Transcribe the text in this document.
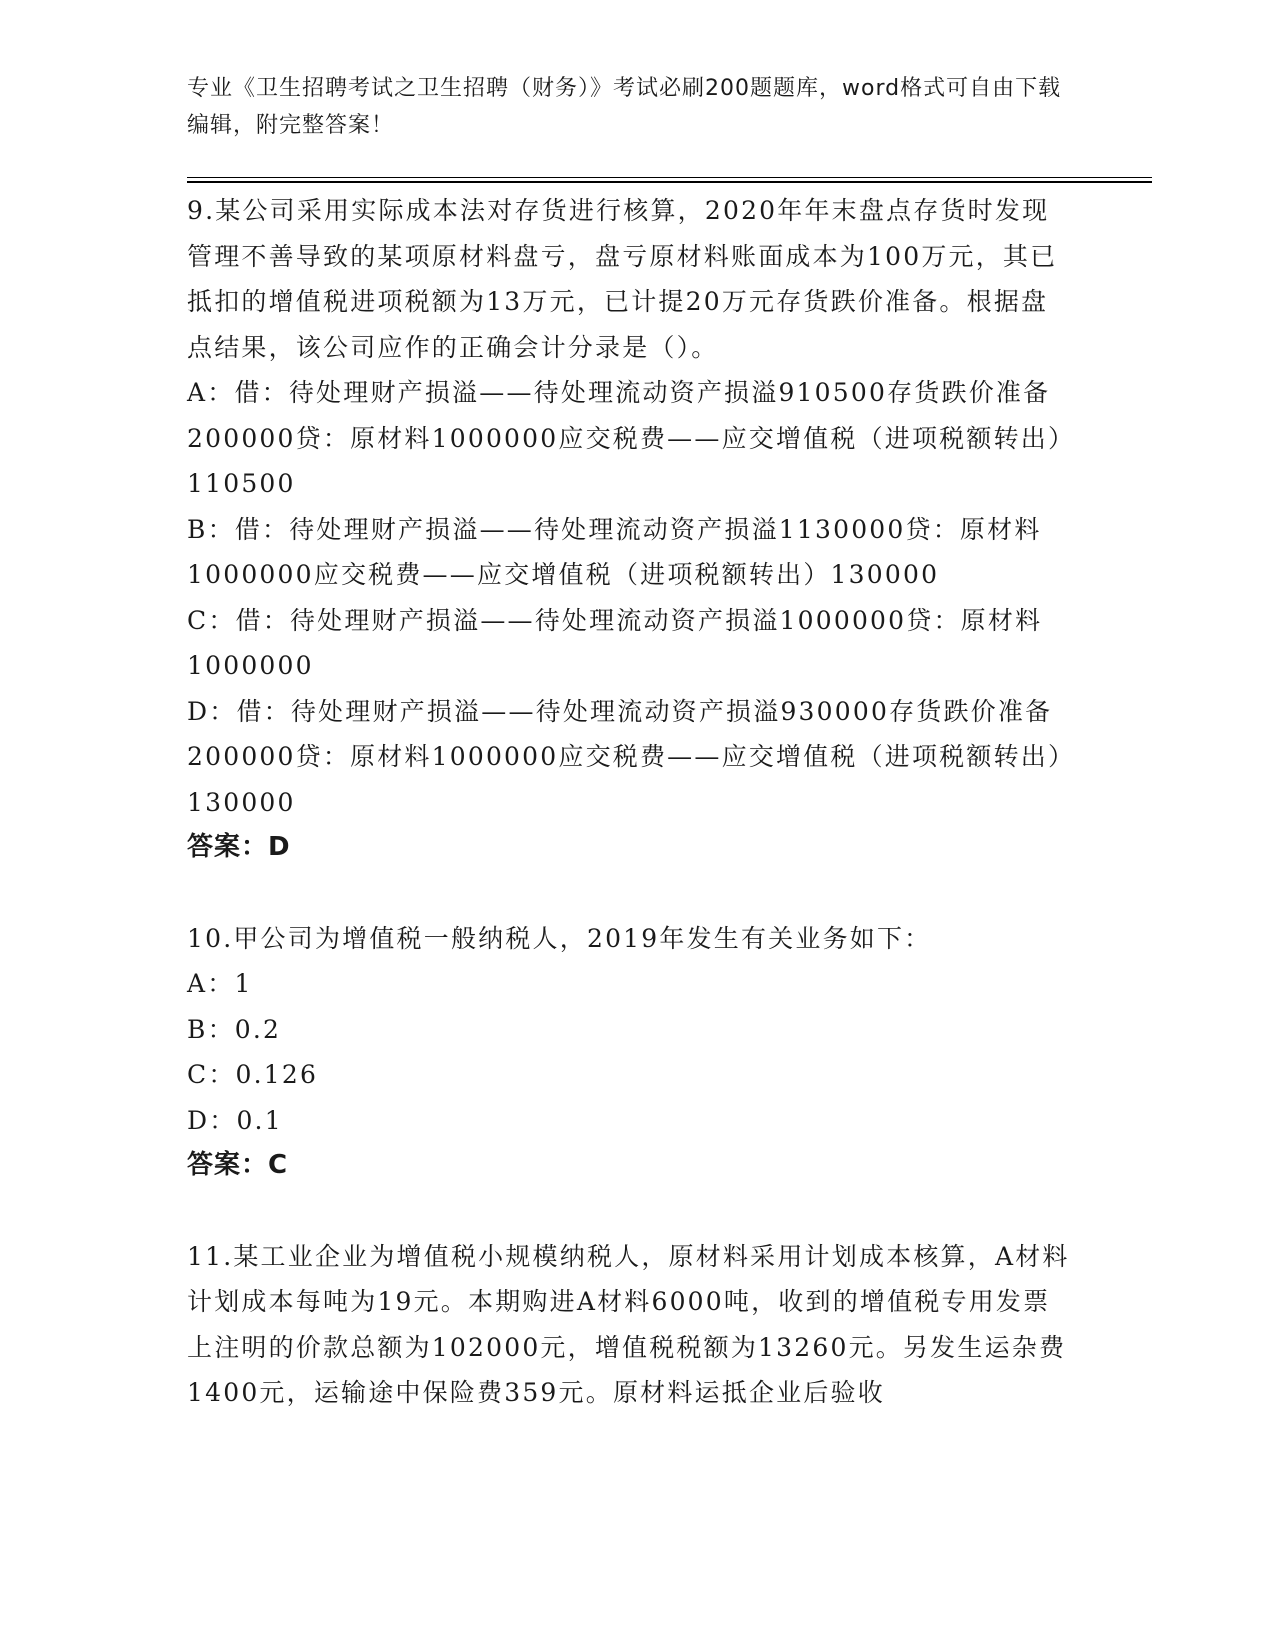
专业《卫生招聘考试之卫生招聘（财务）》考试必刷200题题库，word格式可自由下载编辑，附完整答案！

9.某公司采用实际成本法对存货进行核算，2020年年末盘点存货时发现管理不善导致的某项原材料盘亏，盘亏原材料账面成本为100万元，其已抵扣的增值税进项税额为13万元，已计提20万元存货跌价准备。根据盘点结果，该公司应作的正确会计分录是（）。

A：借：待处理财产损溢——待处理流动资产损溢910500存货跌价准备200000贷：原材料1000000应交税费——应交增值税（进项税额转出）110500

B：借：待处理财产损溢——待处理流动资产损溢1130000贷：原材料1000000应交税费——应交增值税（进项税额转出）130000

C：借：待处理财产损溢——待处理流动资产损溢1000000贷：原材料1000000

D：借：待处理财产损溢——待处理流动资产损溢930000存货跌价准备200000贷：原材料1000000应交税费——应交增值税（进项税额转出）130000

答案：D

10.甲公司为增值税一般纳税人，2019年发生有关业务如下：

A：1

B：0.2

C：0.126

D：0.1

答案：C

11.某工业企业为增值税小规模纳税人，原材料采用计划成本核算，A材料计划成本每吨为19元。本期购进A材料6000吨，收到的增值税专用发票上注明的价款总额为102000元，增值税税额为13260元。另发生运杂费1400元，运输途中保险费359元。原材料运抵企业后验收
